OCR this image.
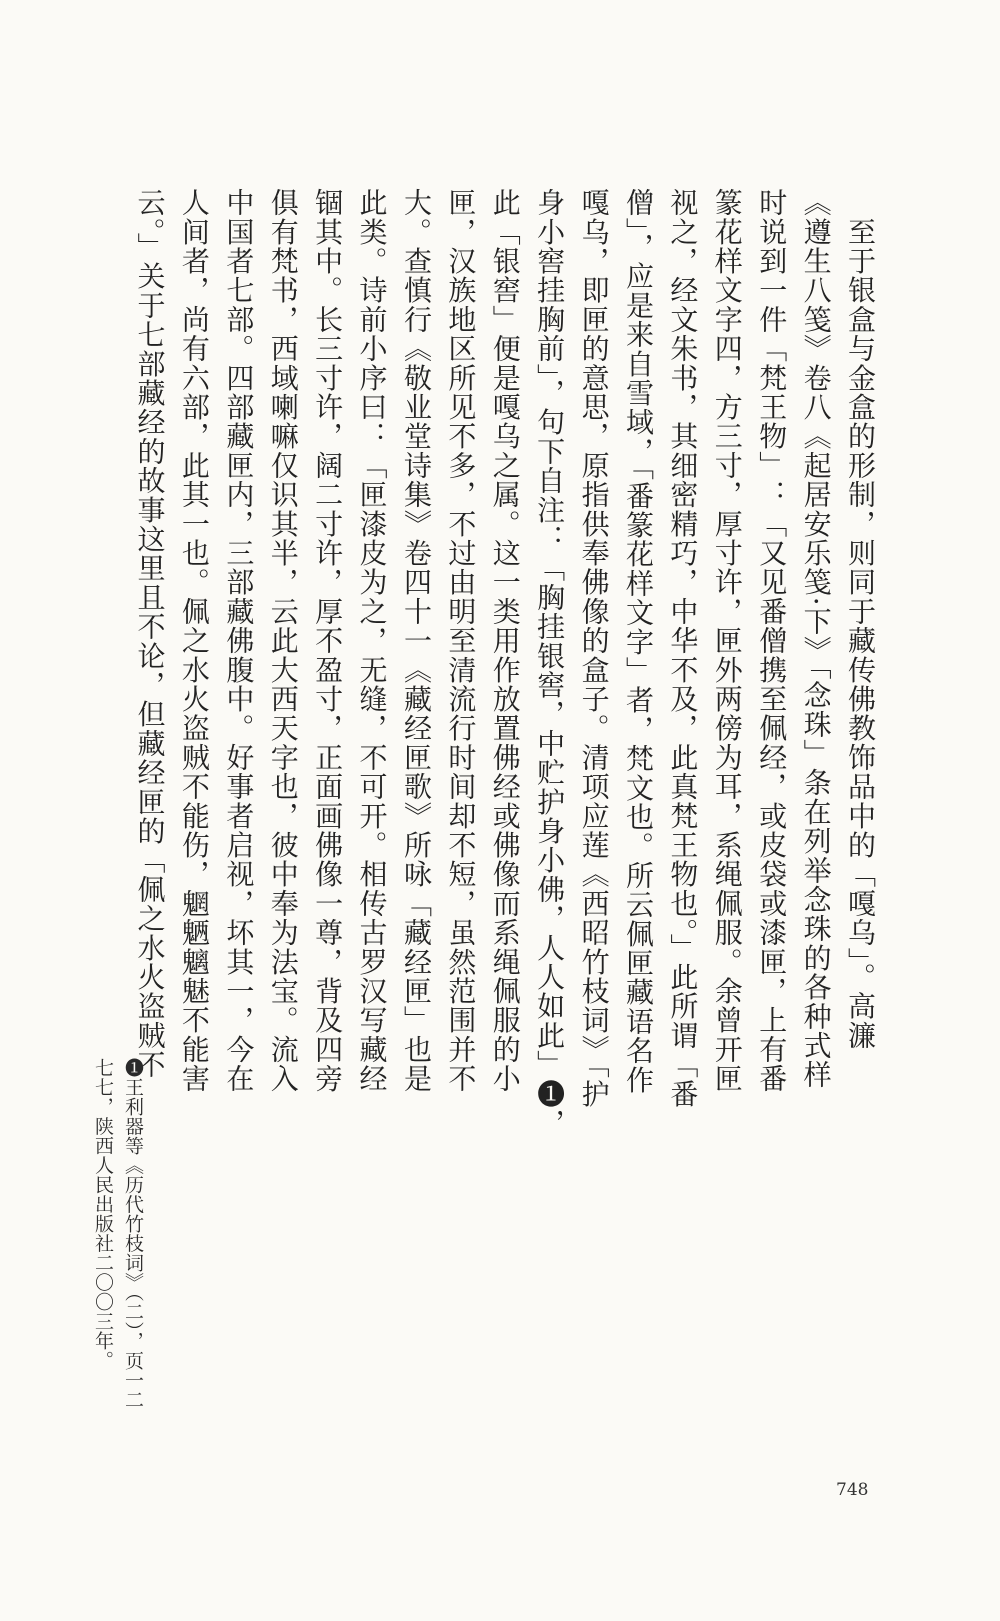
　至于银盒与金盒的形制，则同于藏传佛教饰品中的「嘎乌」。高濂
《遵生八笺》卷八《起居安乐笺·下》「念珠」条在列举念珠的各种式样
时说到一件「梵王物」：「又见番僧携至佩经，或皮袋或漆匣，上有番
篆花样文字四，方三寸，厚寸许，匣外两傍为耳，系绳佩服。余曾开匣
视之，经文朱书，其细密精巧，中华不及，此真梵王物也。」此所谓「番
僧」，应是来自雪域，「番篆花样文字」者，梵文也。所云佩匣藏语名作
嘎乌，即匣的意思，原指供奉佛像的盒子。清项应莲《西昭竹枝词》「护
身小窖挂胸前」，句下自注：「胸挂银窖，中贮护身小佛，人人如此」❶，
此「银窖」便是嘎乌之属。这一类用作放置佛经或佛像而系绳佩服的小
匣，汉族地区所见不多，不过由明至清流行时间却不短，虽然范围并不
大。查慎行《敬业堂诗集》卷四十一《藏经匣歌》所咏「藏经匣」也是
此类。诗前小序曰：「匣漆皮为之，无缝，不可开。相传古罗汉写藏经
锢其中。长三寸许，阔二寸许，厚不盈寸，正面画佛像一尊，背及四旁
俱有梵书，西域喇嘛仅识其半，云此大西天字也，彼中奉为法宝。流入
中国者七部。四部藏匣内，三部藏佛腹中。好事者启视，坏其一，今在
人间者，尚有六部，此其一也。佩之水火盗贼不能伤，魍魉魑魅不能害
云。」关于七部藏经的故事这里且不论，但藏经匣的「佩之水火盗贼不
❶王利器等《历代竹枝词》（二），页一二
七七，陕西人民出版社二〇〇三年。
748
